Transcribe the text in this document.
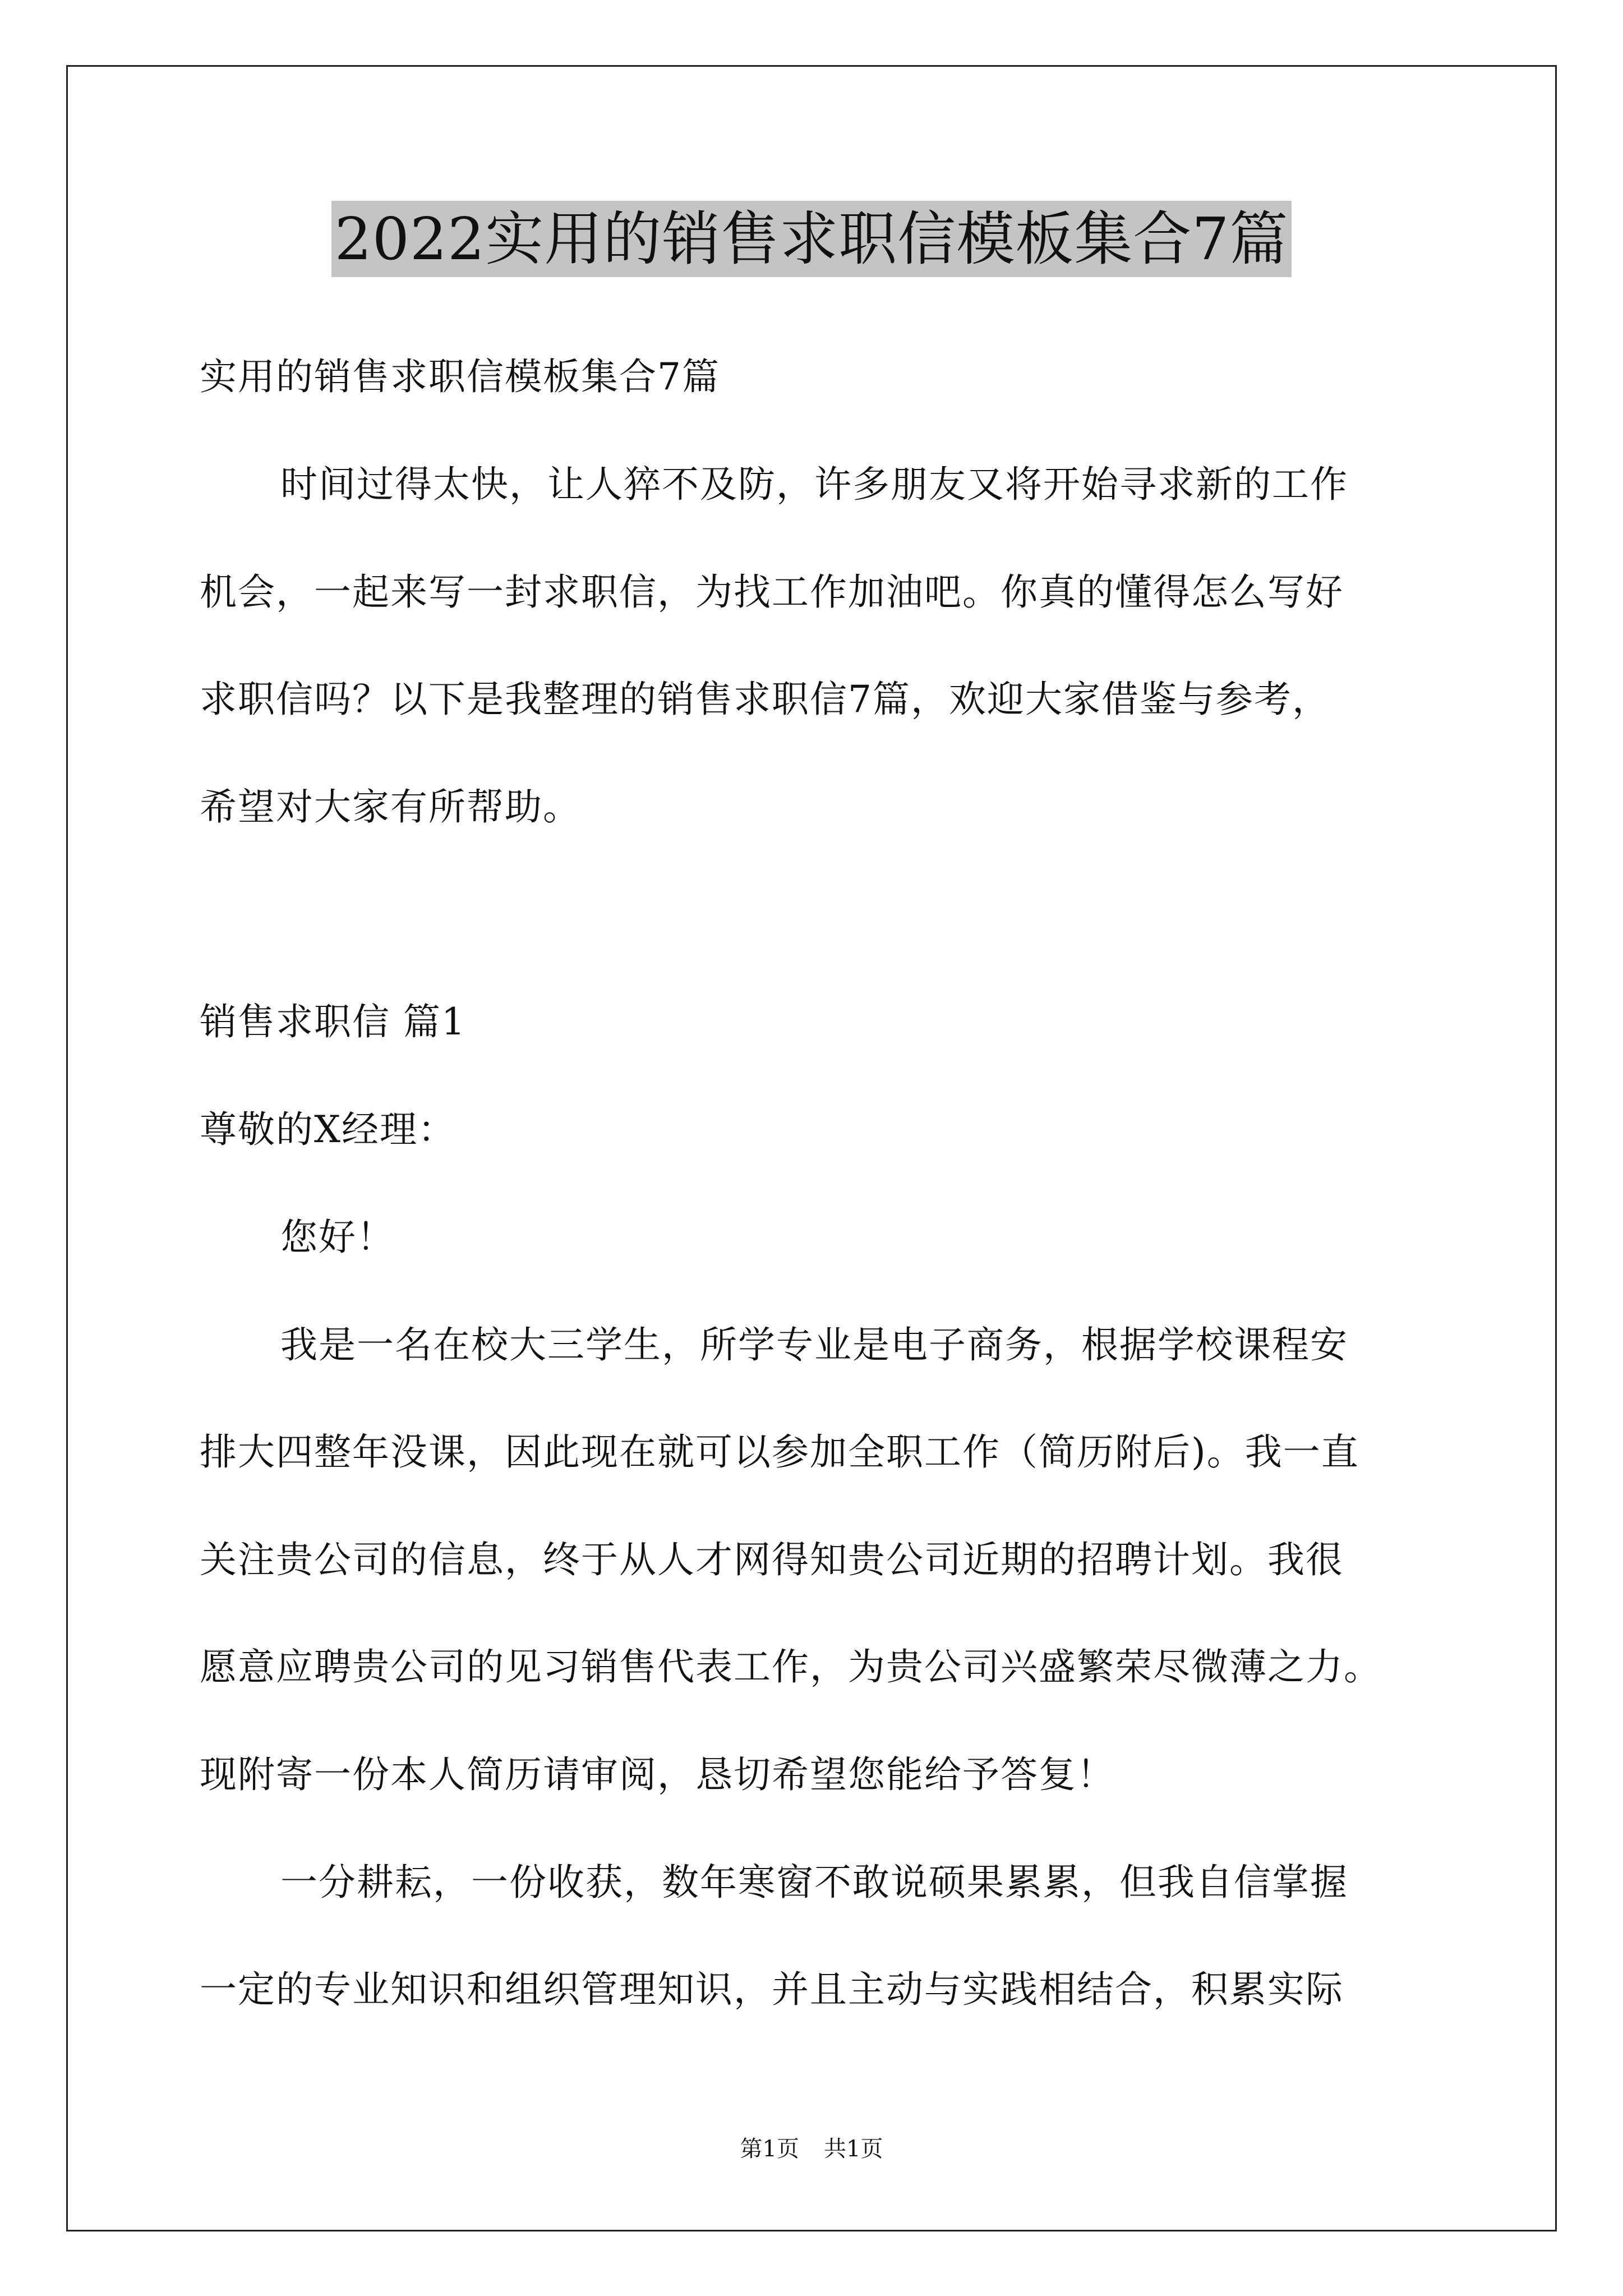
2022实用的销售求职信模板集合7篇
实用的销售求职信模板集合7篇
时间过得太快，让人猝不及防，许多朋友又将开始寻求新的工作
机会，一起来写一封求职信，为找工作加油吧。你真的懂得怎么写好
求职信吗？以下是我整理的销售求职信7篇，欢迎大家借鉴与参考，
希望对大家有所帮助。
销售求职信 篇1
尊敬的X经理：
您好！
我是一名在校大三学生，所学专业是电子商务，根据学校课程安
排大四整年没课，因此现在就可以参加全职工作（简历附后)。我一直
关注贵公司的信息，终于从人才网得知贵公司近期的招聘计划。我很
愿意应聘贵公司的见习销售代表工作，为贵公司兴盛繁荣尽微薄之力。
现附寄一份本人简历请审阅，恳切希望您能给予答复！
一分耕耘，一份收获，数年寒窗不敢说硕果累累，但我自信掌握
一定的专业知识和组织管理知识，并且主动与实践相结合，积累实际
第1页 共1页
